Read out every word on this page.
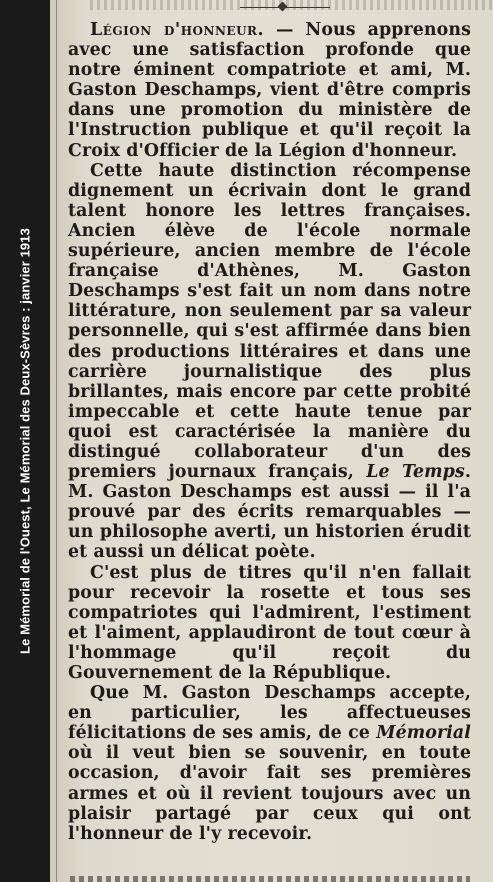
Le Mémorial de l'Ouest, Le Mémorial des Deux-Sèvres : janvier 1913

Légion d'honneur. — Nous apprenons avec une satisfaction profonde que notre éminent compatriote et ami, M. Gaston Deschamps, vient d'être compris dans une promotion du ministère de l'Instruction publique et qu'il reçoit la Croix d'Officier de la Légion d'honneur.

Cette haute distinction récompense dignement un écrivain dont le grand talent honore les lettres françaises. Ancien élève de l'école normale supérieure, ancien membre de l'école française d'Athènes, M. Gaston Deschamps s'est fait un nom dans notre littérature, non seulement par sa valeur personnelle, qui s'est affirmée dans bien des productions littéraires et dans une carrière journalistique des plus brillantes, mais encore par cette probité impeccable et cette haute tenue par quoi est caractérisée la manière du distingué collaborateur d'un des premiers journaux français, Le Temps. M. Gaston Deschamps est aussi — il l'a prouvé par des écrits remarquables — un philosophe averti, un historien érudit et aussi un délicat poète.

C'est plus de titres qu'il n'en fallait pour recevoir la rosette et tous ses compatriotes qui l'admirent, l'estiment et l'aiment, applaudiront de tout cœur à l'hommage qu'il reçoit du Gouvernement de la République.

Que M. Gaston Deschamps accepte, en particulier, les affectueuses félicitations de ses amis, de ce Mémorial où il veut bien se souvenir, en toute occasion, d'avoir fait ses premières armes et où il revient toujours avec un plaisir partagé par ceux qui ont l'honneur de l'y recevoir.
